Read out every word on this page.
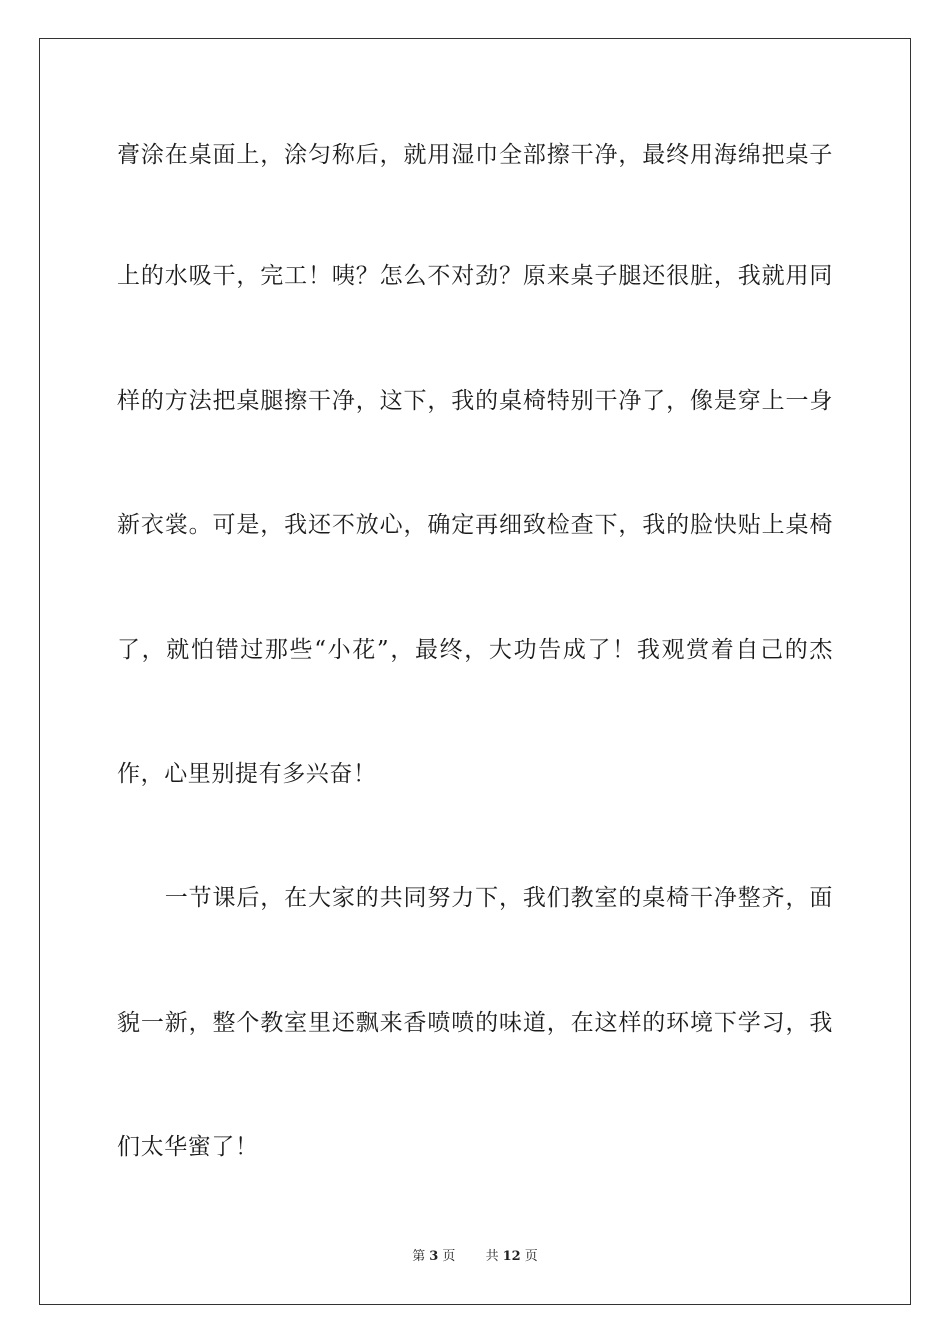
膏涂在桌面上，涂匀称后，就用湿巾全部擦干净，最终用海绵把桌子
上的水吸干，完工！咦？怎么不对劲？原来桌子腿还很脏，我就用同
样的方法把桌腿擦干净，这下，我的桌椅特别干净了，像是穿上一身
新衣裳。可是，我还不放心，确定再细致检查下，我的脸快贴上桌椅
了，就怕错过那些“小花”，最终，大功告成了！我观赏着自己的杰
作，心里别提有多兴奋！
　　一节课后，在大家的共同努力下，我们教室的桌椅干净整齐，面
貌一新，整个教室里还飘来香喷喷的味道，在这样的环境下学习，我
们太华蜜了！
第 3 页 共 12 页
